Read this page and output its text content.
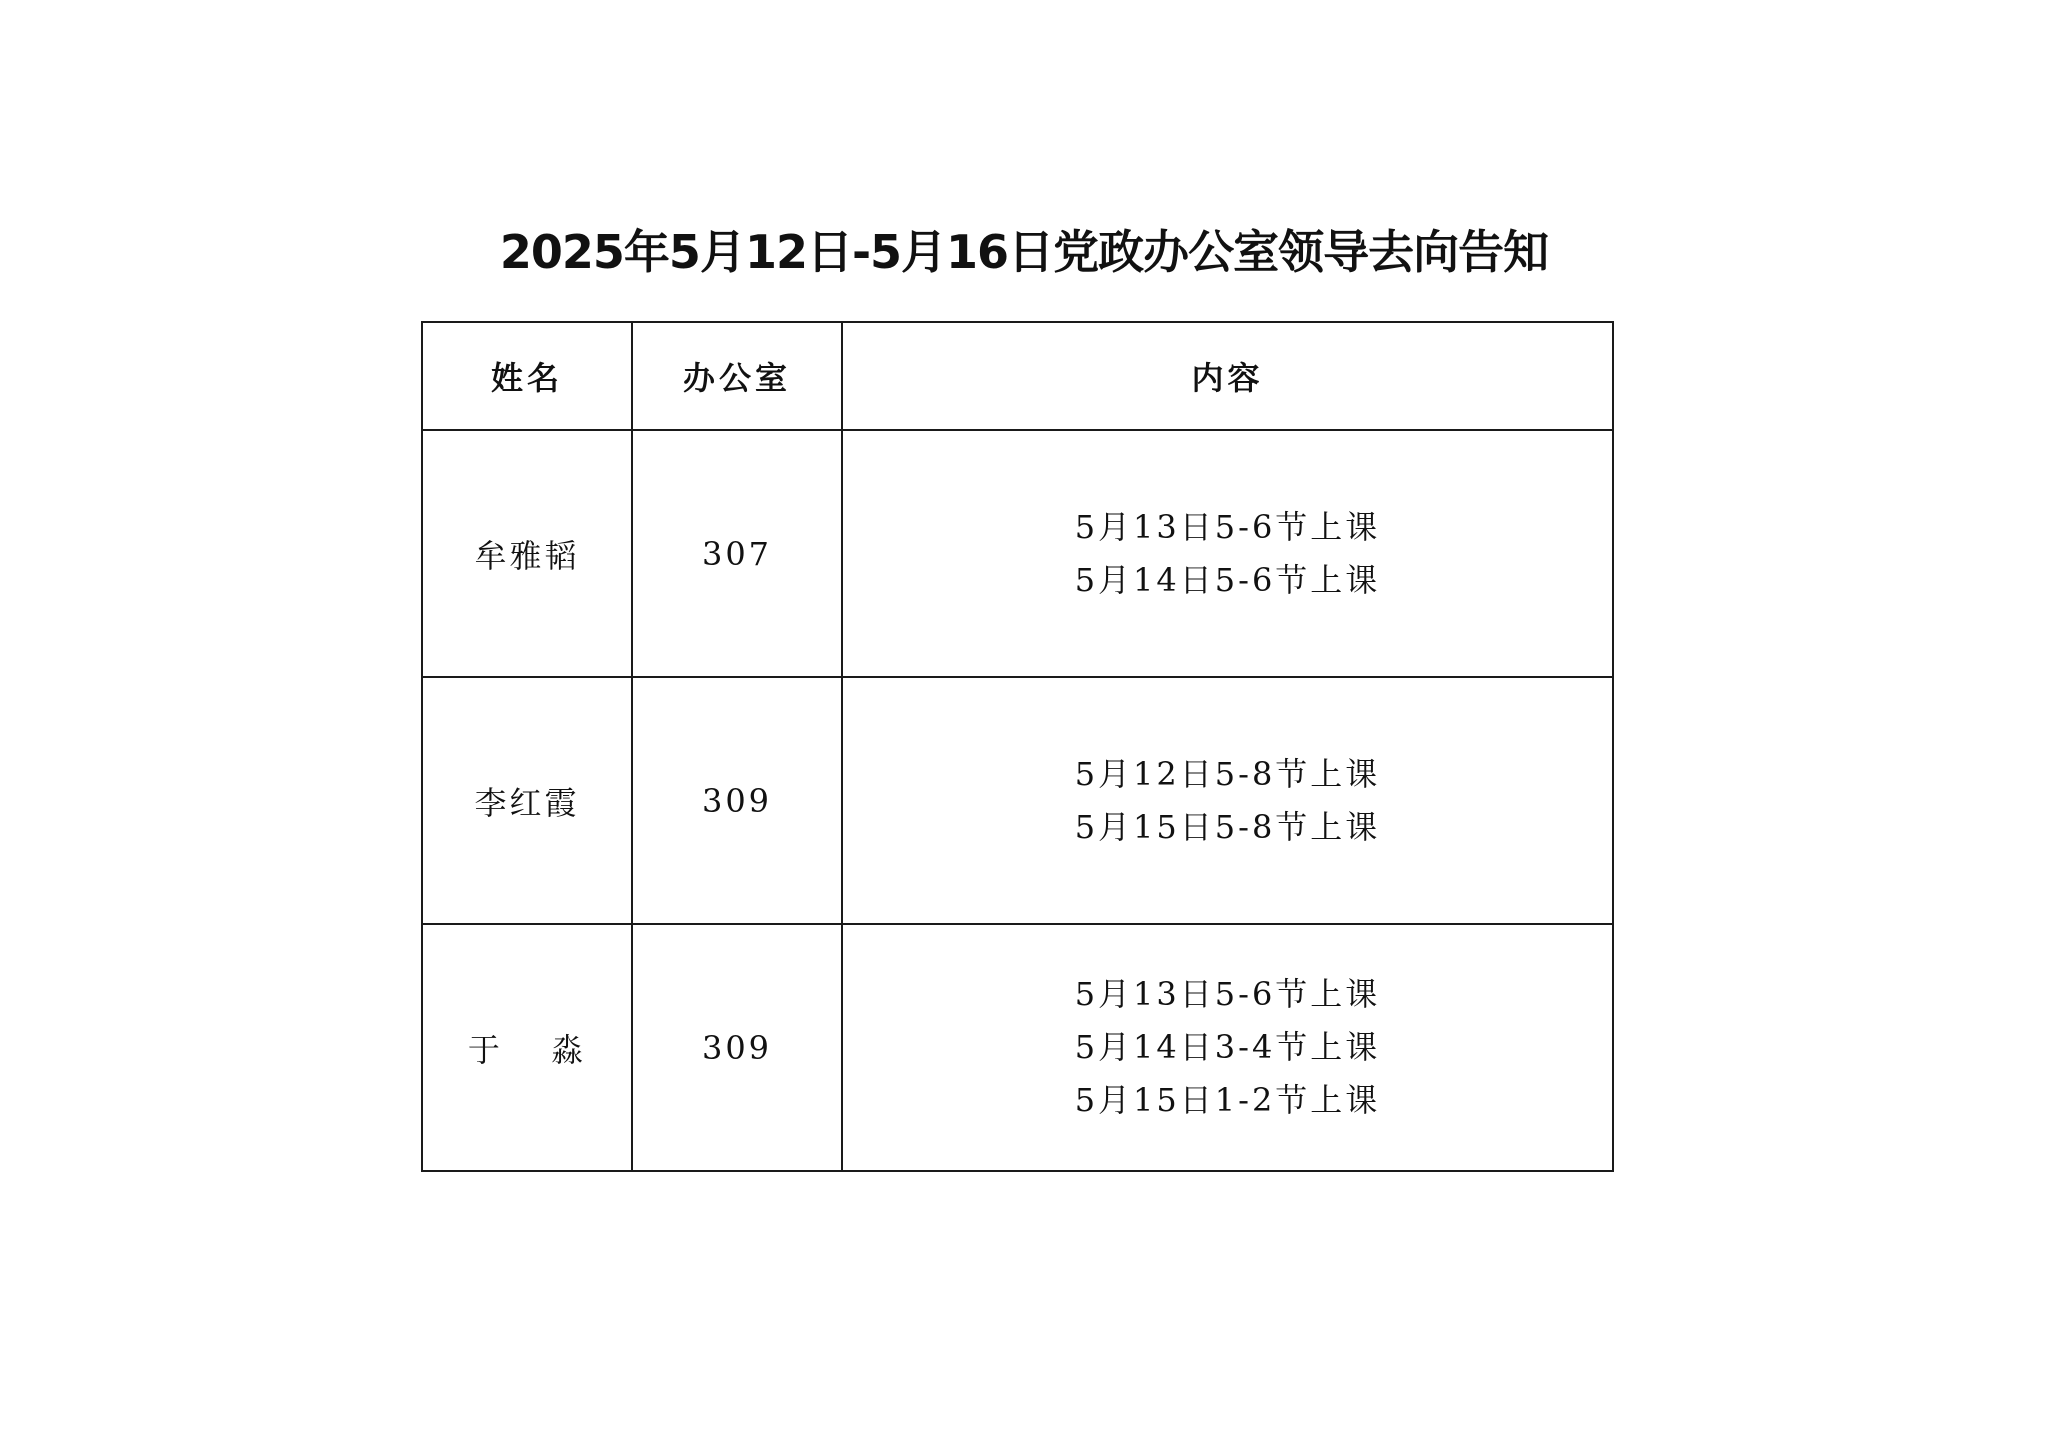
2025年5月12日-5月16日党政办公室领导去向告知
姓名	办公室	内容
牟雅韬	307	5月13日5-6节上课
5月14日5-6节上课

李红霞	309	5月12日5-8节上课
5月15日5-8节上课

于　 淼	309	5月13日5-6节上课
5月14日3-4节上课
5月15日1-2节上课
